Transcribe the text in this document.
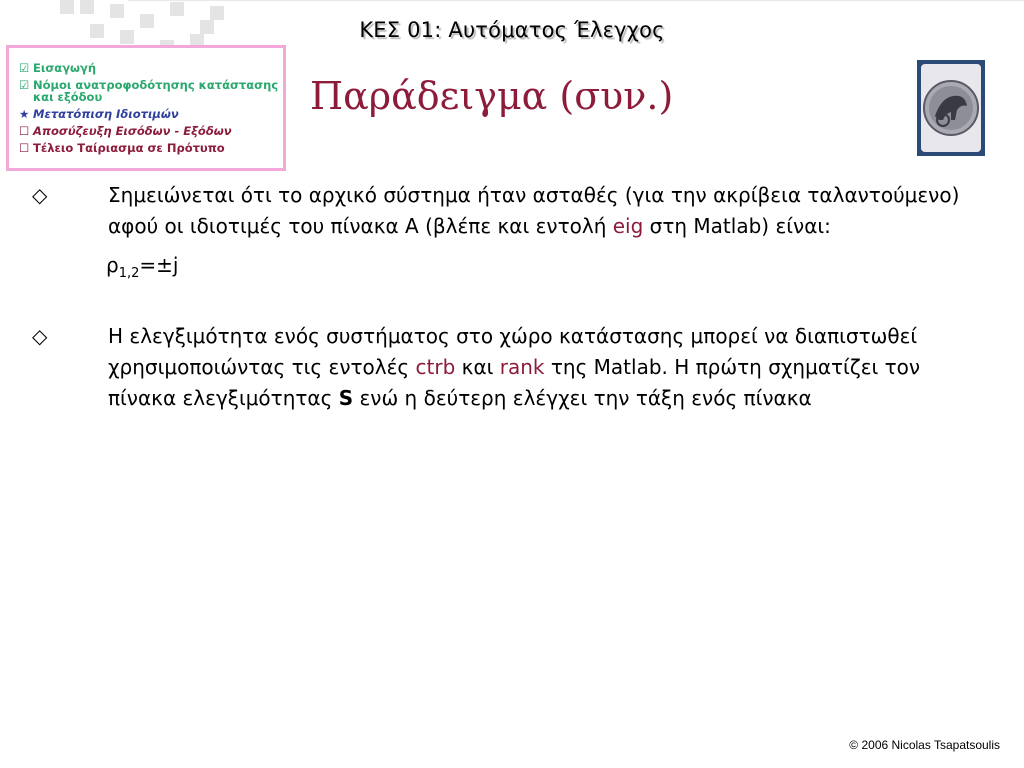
ΚΕΣ 01: Αυτόματος Έλεγχος
☑ Εισαγωγή
☑ Νόμοι ανατροφοδότησης κατάστασης
και εξόδου
★ Μετατόπιση Ιδιοτιμών
☐ Αποσύζευξη Εισόδων - Εξόδων
☐ Τέλειο Ταίριασμα σε Πρότυπο
Παράδειγμα (συν.)
◇	Σημειώνεται ότι το αρχικό σύστημα ήταν ασταθές (για την ακρίβεια ταλαντούμενο) αφού οι ιδιοτιμές του πίνακα Α (βλέπε και εντολή eig στη Matlab) είναι:
$\rho_{1,2}=\pm j$
◇	Η ελεγξιμότητα ενός συστήματος στο χώρο κατάστασης μπορεί να διαπιστωθεί χρησιμοποιώντας τις εντολές ctrb και rank της Matlab. Η πρώτη σχηματίζει τον πίνακα ελεγξιμότητας S ενώ η δεύτερη ελέγχει την τάξη ενός πίνακα
© 2006 Nicolas Tsapatsoulis
